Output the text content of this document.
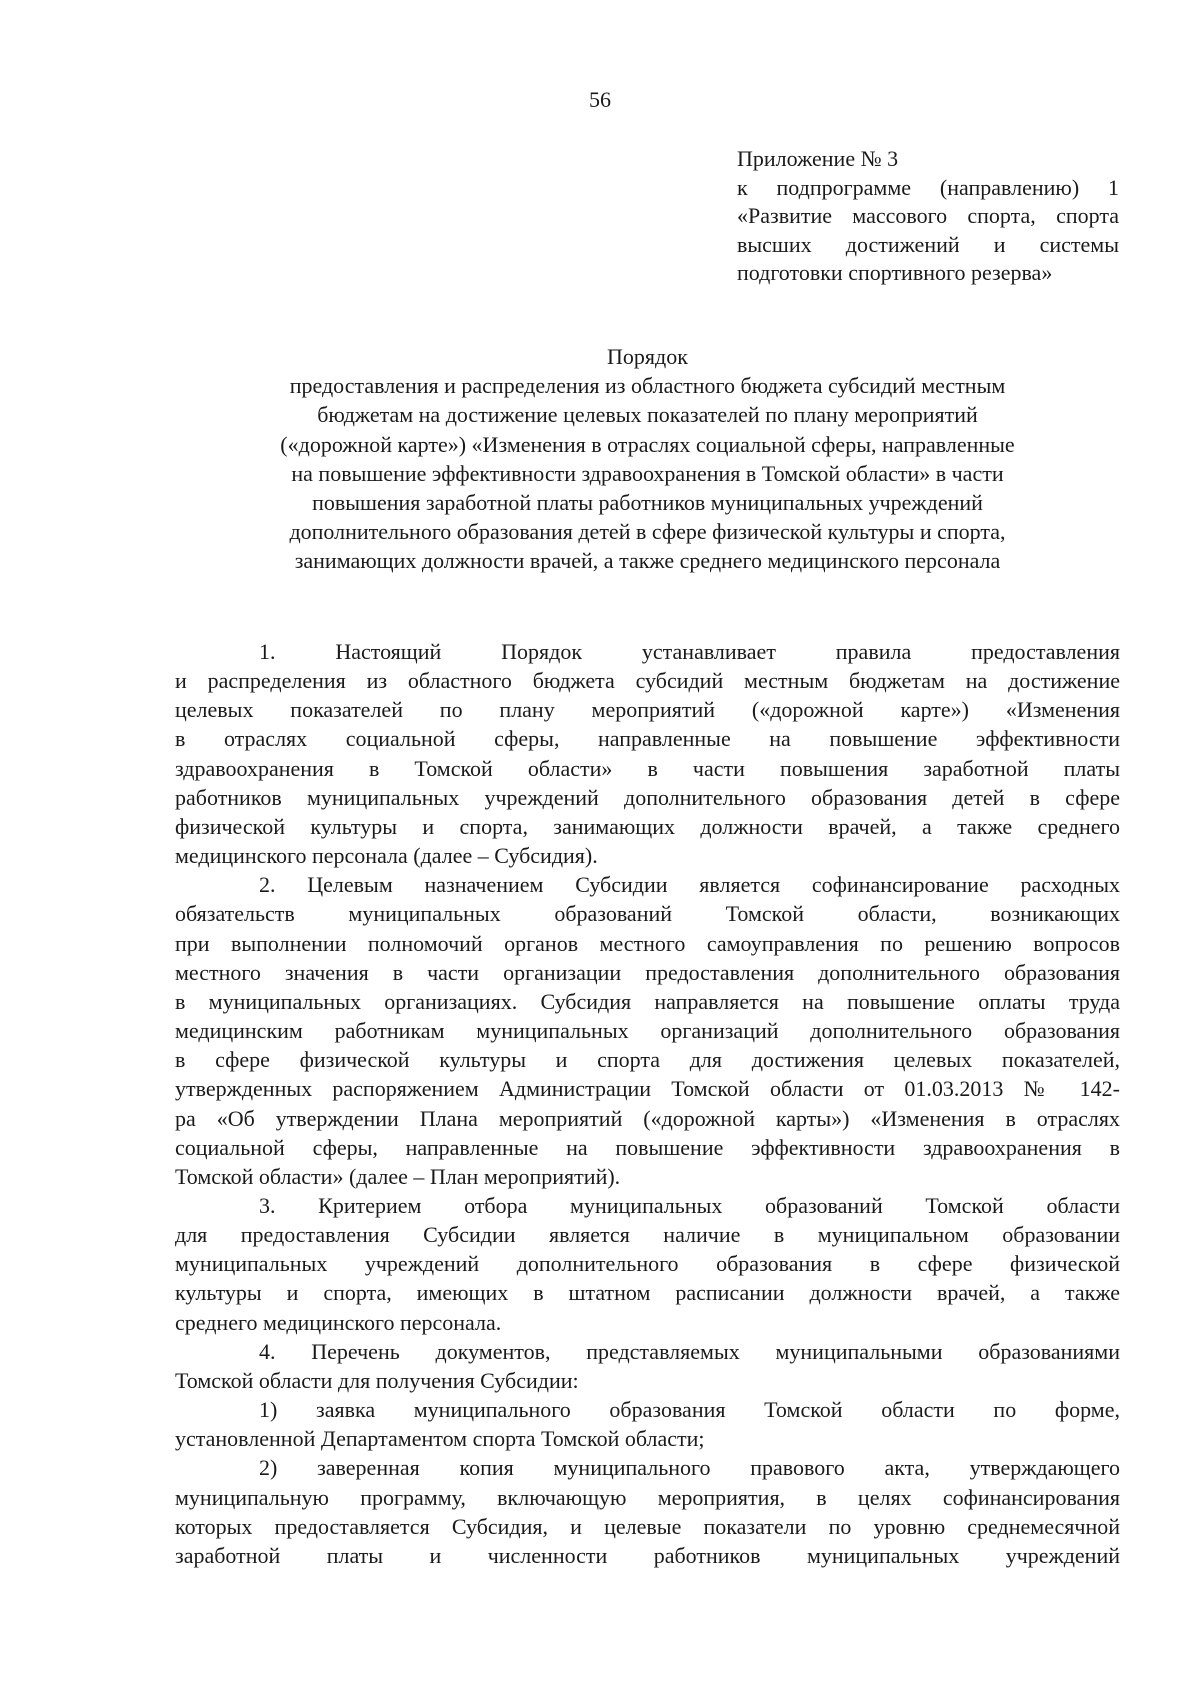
56
Приложение № 3
к подпрограмме (направлению) 1
«Развитие массового спорта, спорта
высших достижений и системы
подготовки спортивного резерва»
Порядок
предоставления и распределения из областного бюджета субсидий местным
бюджетам на достижение целевых показателей по плану мероприятий
(«дорожной карте») «Изменения в отраслях социальной сферы, направленные
на повышение эффективности здравоохранения в Томской области» в части
повышения заработной платы работников муниципальных учреждений
дополнительного образования детей в сфере физической культуры и спорта,
занимающих должности врачей, а также среднего медицинского персонала
1. Настоящий Порядок устанавливает правила предоставления
и распределения из областного бюджета субсидий местным бюджетам на достижение
целевых показателей по плану мероприятий («дорожной карте») «Изменения
в отраслях социальной сферы, направленные на повышение эффективности
здравоохранения в Томской области» в части повышения заработной платы
работников муниципальных учреждений дополнительного образования детей в сфере
физической культуры и спорта, занимающих должности врачей, а также среднего
медицинского персонала (далее – Субсидия).
2. Целевым назначением Субсидии является софинансирование расходных
обязательств муниципальных образований Томской области, возникающих
при выполнении полномочий органов местного самоуправления по решению вопросов
местного значения в части организации предоставления дополнительного образования
в муниципальных организациях. Субсидия направляется на повышение оплаты труда
медицинским работникам муниципальных организаций дополнительного образования
в сфере физической культуры и спорта для достижения целевых показателей,
утвержденных распоряжением Администрации Томской области от 01.03.2013 № 142-
ра «Об утверждении Плана мероприятий («дорожной карты») «Изменения в отраслях
социальной сферы, направленные на повышение эффективности здравоохранения в
Томской области» (далее – План мероприятий).
3. Критерием отбора муниципальных образований Томской области
для предоставления Субсидии является наличие в муниципальном образовании
муниципальных учреждений дополнительного образования в сфере физической
культуры и спорта, имеющих в штатном расписании должности врачей, а также
среднего медицинского персонала.
4. Перечень документов, представляемых муниципальными образованиями
Томской области для получения Субсидии:
1) заявка муниципального образования Томской области по форме,
установленной Департаментом спорта Томской области;
2) заверенная копия муниципального правового акта, утверждающего
муниципальную программу, включающую мероприятия, в целях софинансирования
которых предоставляется Субсидия, и целевые показатели по уровню среднемесячной
заработной платы и численности работников муниципальных учреждений
